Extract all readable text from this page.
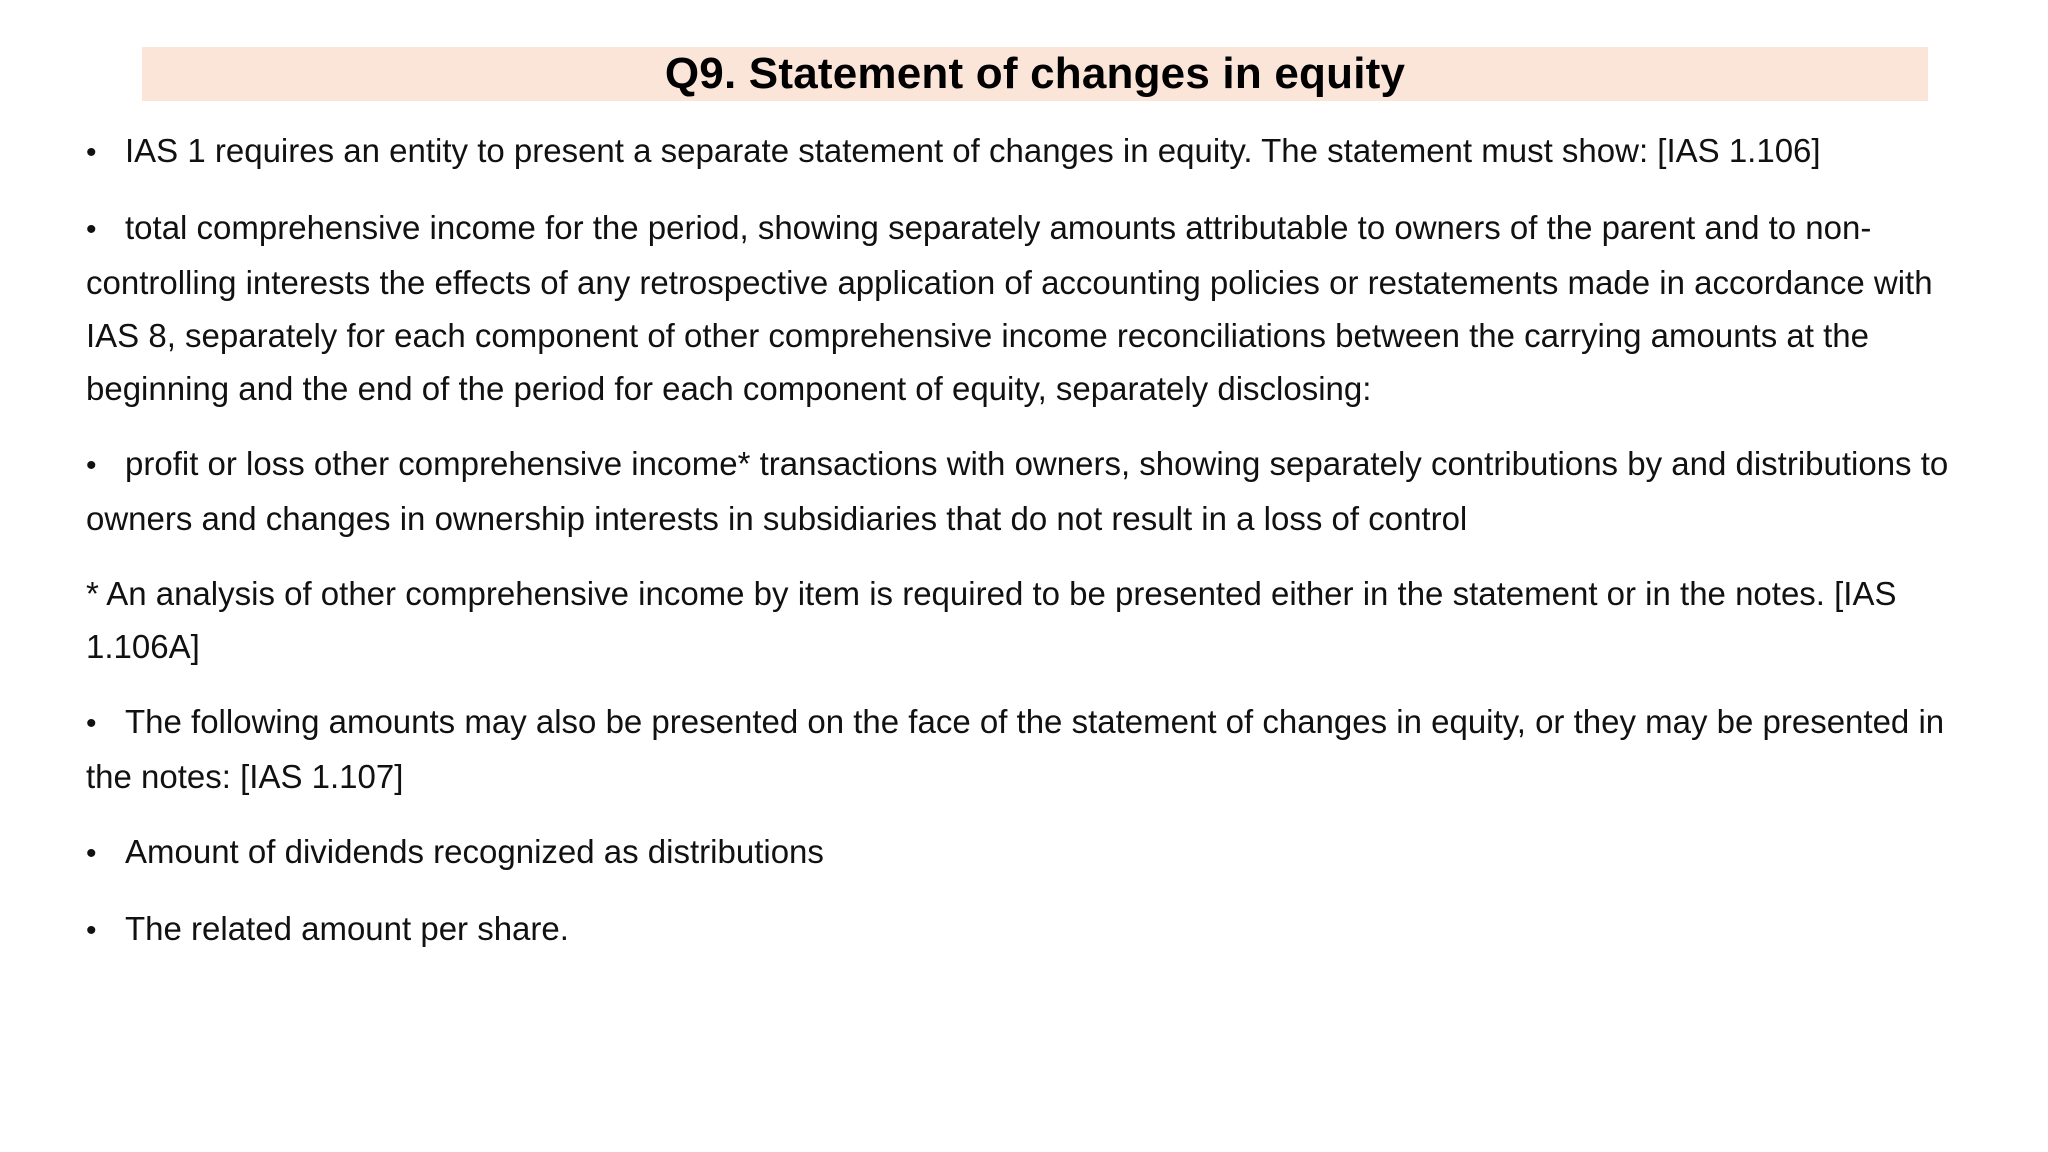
Q9. Statement of changes in equity

• IAS 1 requires an entity to present a separate statement of changes in equity. The statement must show: [IAS 1.106]

• total comprehensive income for the period, showing separately amounts attributable to owners of the parent and to non-controlling interests the effects of any retrospective application of accounting policies or restatements made in accordance with IAS 8, separately for each component of other comprehensive income reconciliations between the carrying amounts at the beginning and the end of the period for each component of equity, separately disclosing:

• profit or loss other comprehensive income* transactions with owners, showing separately contributions by and distributions to owners and changes in ownership interests in subsidiaries that do not result in a loss of control

* An analysis of other comprehensive income by item is required to be presented either in the statement or in the notes. [IAS 1.106A]

• The following amounts may also be presented on the face of the statement of changes in equity, or they may be presented in the notes: [IAS 1.107]

• Amount of dividends recognized as distributions

• The related amount per share.
